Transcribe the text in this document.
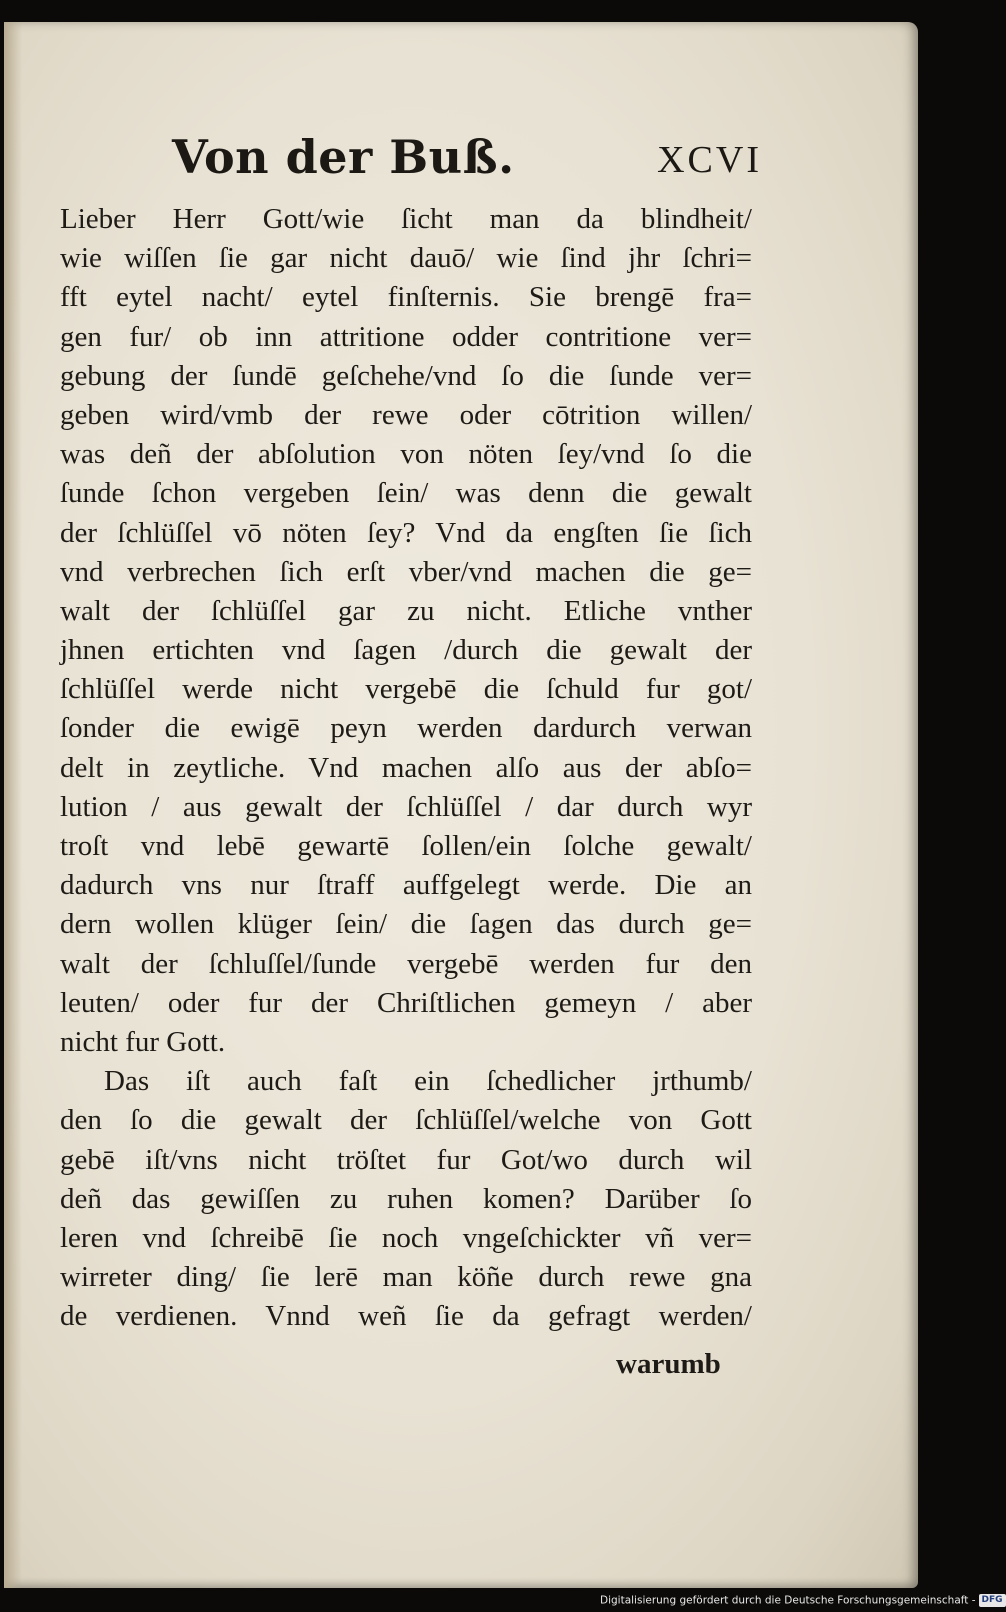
Von der Buß.	XCVI
Lieber Herr Gott/wie ſicht man da blindheit/
wie wiſſen ſie gar nicht dauō/ wie ſind jhr ſchri=
fft eytel nacht/ eytel finſternis. Sie brengē fra=
gen fur/ ob inn attritione odder contritione ver=
gebung der ſundē geſchehe/vnd ſo die ſunde ver=
geben wird/vmb der rewe oder cōtrition willen/
was deñ der abſolution von nöten ſey/vnd ſo die
ſunde ſchon vergeben ſein/ was denn die gewalt
der ſchlüſſel vō nöten ſey? Vnd da engſten ſie ſich
vnd verbrechen ſich erſt vber/vnd machen die ge=
walt der ſchlüſſel gar zu nicht. Etliche vnther
jhnen ertichten vnd ſagen /durch die gewalt der
ſchlüſſel werde nicht vergebē die ſchuld fur got/
ſonder die ewigē peyn werden dardurch verwan
delt in zeytliche. Vnd machen alſo aus der abſo=
lution / aus gewalt der ſchlüſſel / dar durch wyr
troſt vnd lebē gewartē ſollen/ein ſolche gewalt/
dadurch vns nur ſtraff auffgelegt werde. Die an
dern wollen klüger ſein/ die ſagen das durch ge=
walt der ſchluſſel/ſunde vergebē werden fur den
leuten/ oder fur der Chriſtlichen gemeyn / aber
nicht fur Gott.
Das iſt auch faſt ein ſchedlicher jrthumb/
den ſo die gewalt der ſchlüſſel/welche von Gott
gebē iſt/vns nicht tröſtet fur Got/wo durch wil
deñ das gewiſſen zu ruhen komen? Darüber ſo
leren vnd ſchreibē ſie noch vngeſchickter vñ ver=
wirreter ding/ ſie lerē man köñe durch rewe gna
de verdienen. Vnnd weñ ſie da gefragt werden/
warumb
Digitalisierung gefördert durch die Deutsche Forschungsgemeinschaft - DFG
